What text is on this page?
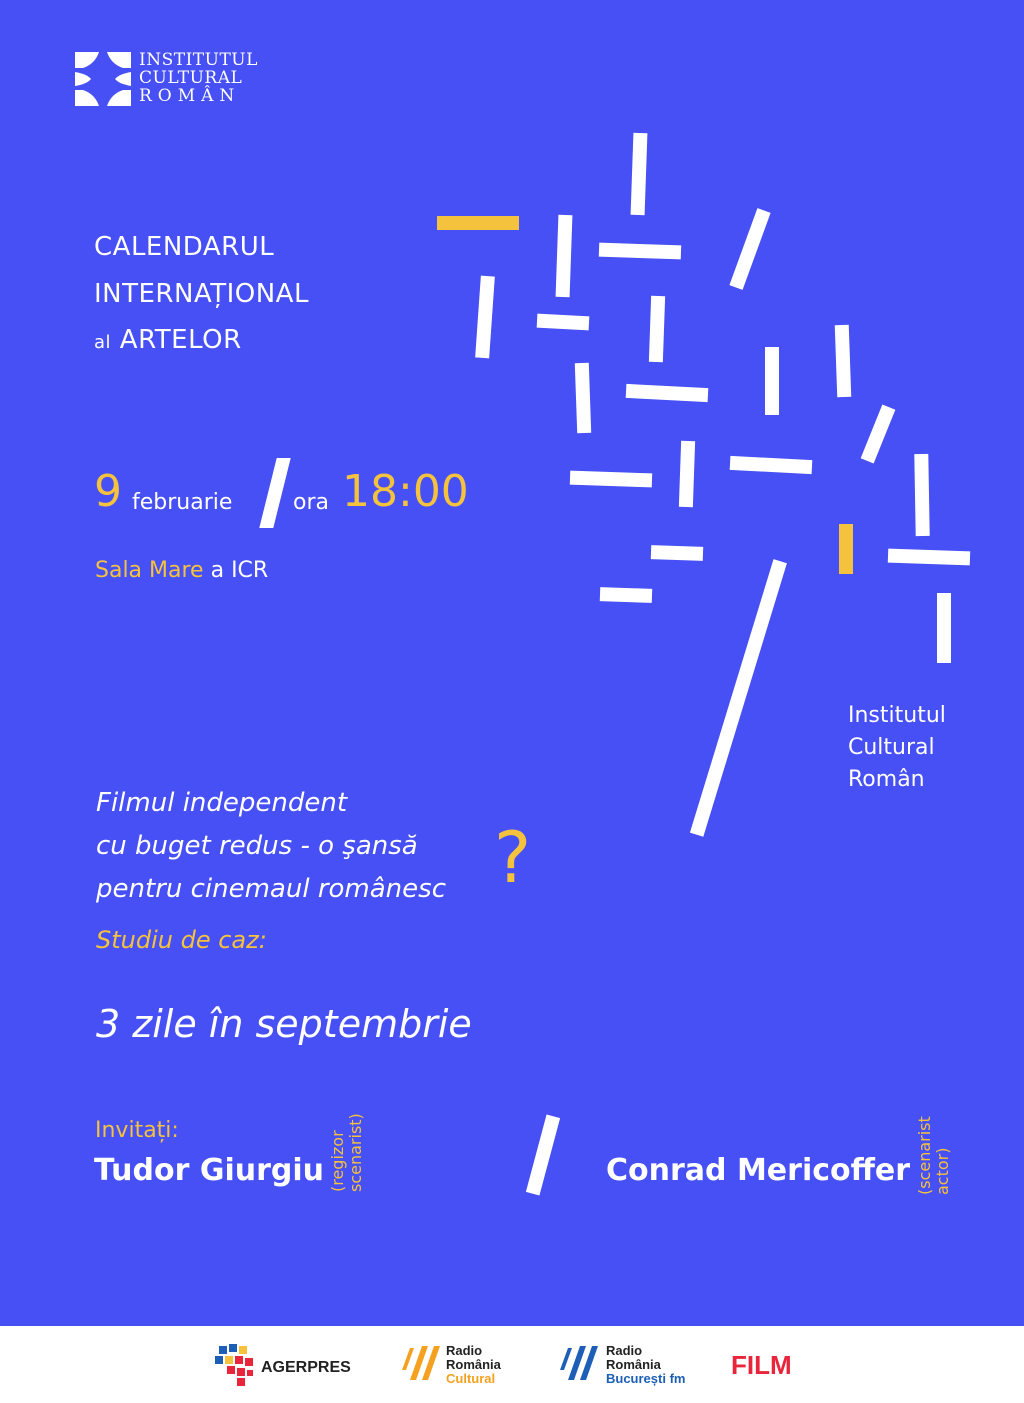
INSTITUTUL
CULTURAL
ROMÂN
CALENDARUL
INTERNAȚIONAL
al ARTELOR
9 februarie	ora 18:00
Sala Mare a ICR
Institutul
Cultural
Român
Filmul independent
cu buget redus - o şansă
pentru cinemaul românesc ?
Studiu de caz:
3 zile în septembrie
Invitați:
Tudor Giurgiu (regizor scenarist)	Conrad Mericoffer (scenarist actor)
AGERPRES
Radio
România
Cultural
Radio
România
București fm FILM
